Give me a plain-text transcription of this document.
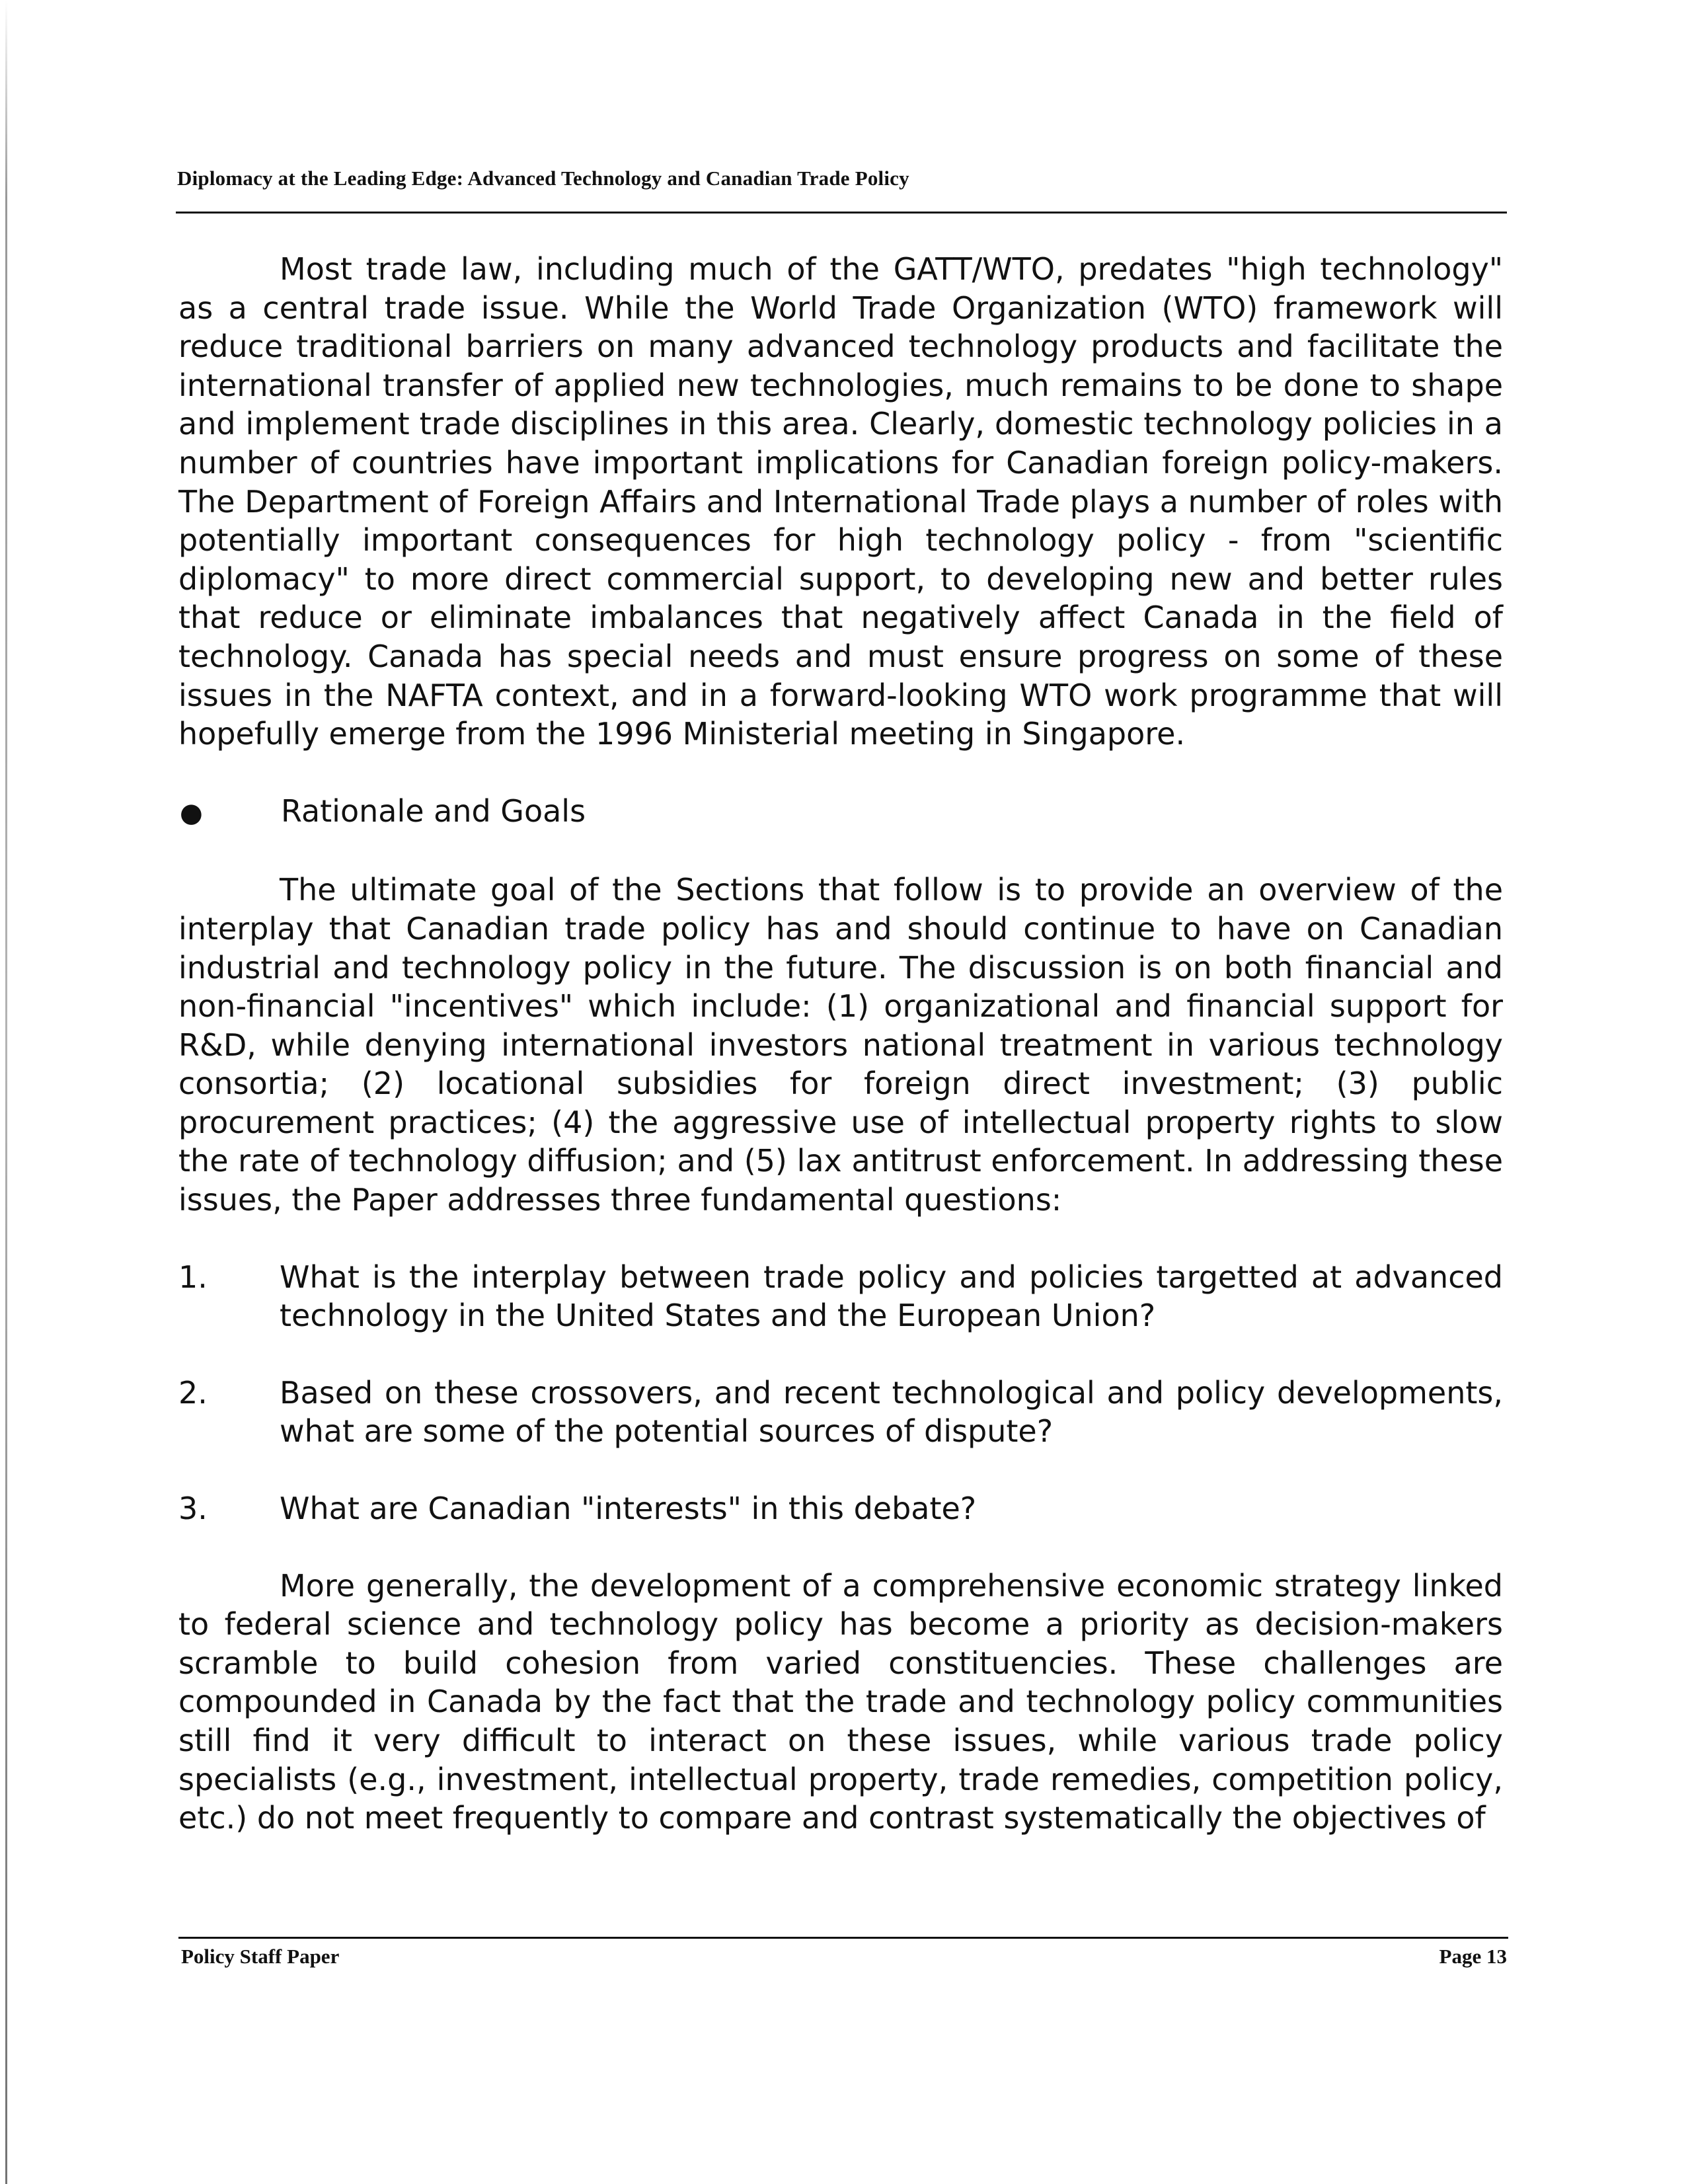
Diplomacy at the Leading Edge: Advanced Technology and Canadian Trade Policy

Most trade law, including much of the GATT/WTO, predates "high technology" as a central trade issue. While the World Trade Organization (WTO) framework will reduce traditional barriers on many advanced technology products and facilitate the international transfer of applied new technologies, much remains to be done to shape and implement trade disciplines in this area. Clearly, domestic technology policies in a number of countries have important implications for Canadian foreign policy-makers. The Department of Foreign Affairs and International Trade plays a number of roles with potentially important consequences for high technology policy - from "scientific diplomacy" to more direct commercial support, to developing new and better rules that reduce or eliminate imbalances that negatively affect Canada in the field of technology. Canada has special needs and must ensure progress on some of these issues in the NAFTA context, and in a forward-looking WTO work programme that will hopefully emerge from the 1996 Ministerial meeting in Singapore.

●	Rationale and Goals

The ultimate goal of the Sections that follow is to provide an overview of the interplay that Canadian trade policy has and should continue to have on Canadian industrial and technology policy in the future. The discussion is on both financial and non-financial "incentives" which include: (1) organizational and financial support for R&D, while denying international investors national treatment in various technology consortia; (2) locational subsidies for foreign direct investment; (3) public procurement practices; (4) the aggressive use of intellectual property rights to slow the rate of technology diffusion; and (5) lax antitrust enforcement. In addressing these issues, the Paper addresses three fundamental questions:

1.	What is the interplay between trade policy and policies targetted at advanced technology in the United States and the European Union?

2.	Based on these crossovers, and recent technological and policy developments, what are some of the potential sources of dispute?

3.	What are Canadian "interests" in this debate?

More generally, the development of a comprehensive economic strategy linked to federal science and technology policy has become a priority as decision-makers scramble to build cohesion from varied constituencies. These challenges are compounded in Canada by the fact that the trade and technology policy communities still find it very difficult to interact on these issues, while various trade policy specialists (e.g., investment, intellectual property, trade remedies, competition policy, etc.) do not meet frequently to compare and contrast systematically the objectives of

Policy Staff Paper	Page 13
